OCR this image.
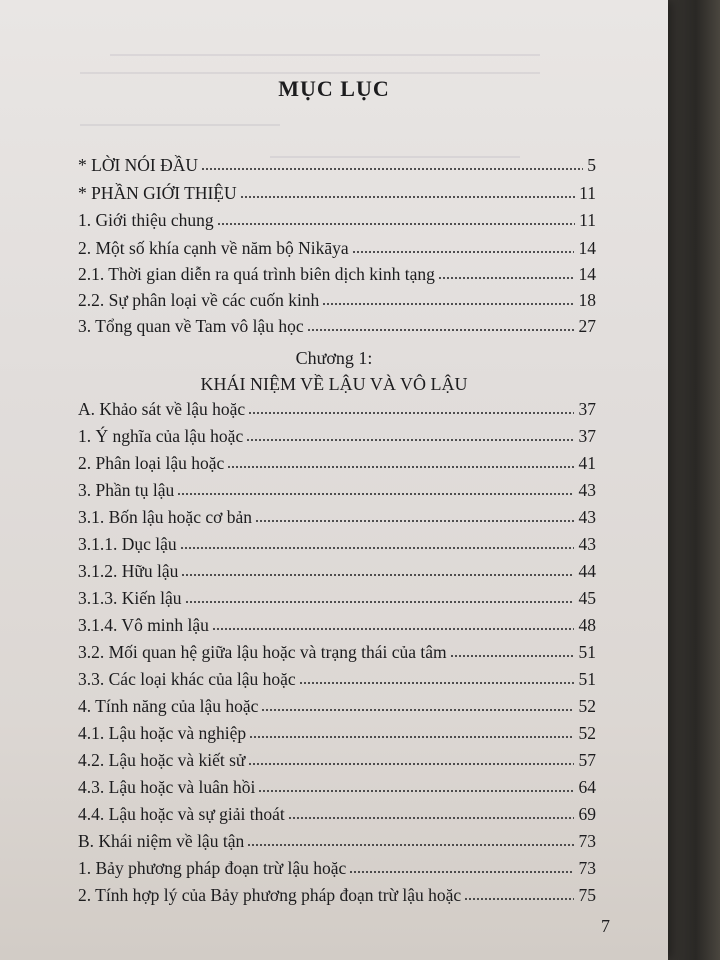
MỤC LỤC
* LỜI NÓI ĐẦU	5
* PHẦN GIỚI THIỆU	11
1. Giới thiệu chung	11
2. Một số khía cạnh về năm bộ Nikāya	14
2.1. Thời gian diễn ra quá trình biên dịch kinh tạng	14
2.2. Sự phân loại về các cuốn kinh	18
3. Tổng quan về Tam vô lậu học	27
Chương 1:
KHÁI NIỆM VỀ LẬU VÀ VÔ LẬU
A. Khảo sát về lậu hoặc	37
1. Ý nghĩa của lậu hoặc	37
2. Phân loại lậu hoặc	41
3. Phần tụ lậu	43
3.1. Bốn lậu hoặc cơ bản	43
3.1.1. Dục lậu	43
3.1.2. Hữu lậu	44
3.1.3. Kiến lậu	45
3.1.4. Vô minh lậu	48
3.2. Mối quan hệ giữa lậu hoặc và trạng thái của tâm	51
3.3. Các loại khác của lậu hoặc	51
4. Tính năng của lậu hoặc	52
4.1. Lậu hoặc và nghiệp	52
4.2. Lậu hoặc và kiết sử	57
4.3. Lậu hoặc và luân hồi	64
4.4. Lậu hoặc và sự giải thoát	69
B. Khái niệm về lậu tận	73
1. Bảy phương pháp đoạn trừ lậu hoặc	73
2. Tính hợp lý của Bảy phương pháp đoạn trừ lậu hoặc	75
7
